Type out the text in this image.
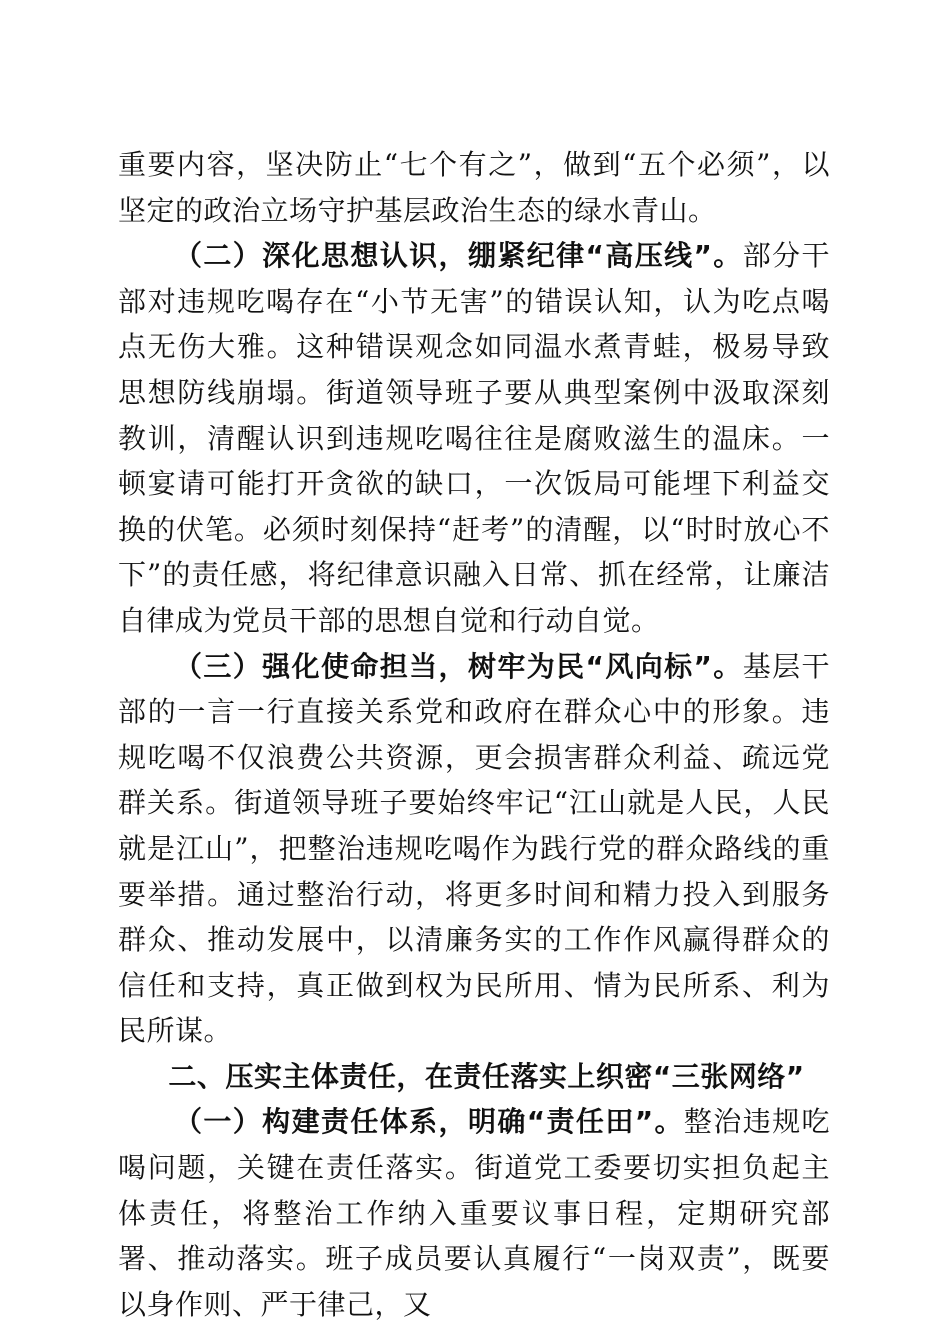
重要内容，坚决防止“七个有之”，做到“五个必须”，以坚定的政治立场守护基层政治生态的绿水青山。

（二）深化思想认识，绷紧纪律“高压线”。部分干部对违规吃喝存在“小节无害”的错误认知，认为吃点喝点无伤大雅。这种错误观念如同温水煮青蛙，极易导致思想防线崩塌。街道领导班子要从典型案例中汲取深刻教训，清醒认识到违规吃喝往往是腐败滋生的温床。一顿宴请可能打开贪欲的缺口，一次饭局可能埋下利益交换的伏笔。必须时刻保持“赶考”的清醒，以“时时放心不下”的责任感，将纪律意识融入日常、抓在经常，让廉洁自律成为党员干部的思想自觉和行动自觉。

（三）强化使命担当，树牢为民“风向标”。基层干部的一言一行直接关系党和政府在群众心中的形象。违规吃喝不仅浪费公共资源，更会损害群众利益、疏远党群关系。街道领导班子要始终牢记“江山就是人民，人民就是江山”，把整治违规吃喝作为践行党的群众路线的重要举措。通过整治行动，将更多时间和精力投入到服务群众、推动发展中，以清廉务实的工作作风赢得群众的信任和支持，真正做到权为民所用、情为民所系、利为民所谋。

二、压实主体责任，在责任落实上织密“三张网络”

（一）构建责任体系，明确“责任田”。整治违规吃喝问题，关键在责任落实。街道党工委要切实担负起主体责任，将整治工作纳入重要议事日程，定期研究部署、推动落实。班子成员要认真履行“一岗双责”，既要以身作则、严于律己，又
